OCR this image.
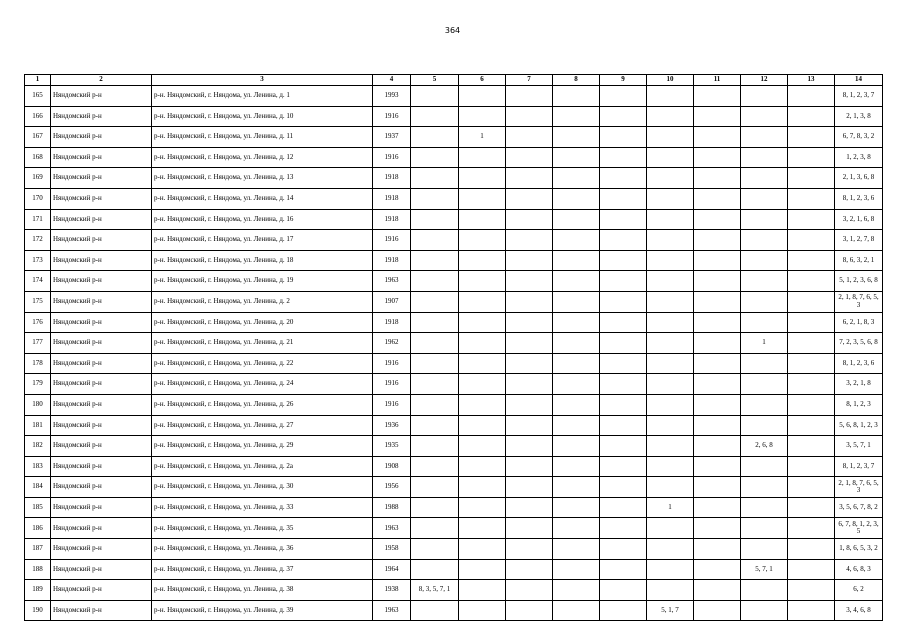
364
1	2	3	4	5	6	7	8	9	10	11	12	13	14
165	Няндомский р-н	р-н. Няндомский, г. Няндома, ул. Ленина, д. 1	1993										8, 1, 2, 3, 7
166	Няндомский р-н	р-н. Няндомский, г. Няндома, ул. Ленина, д. 10	1916										2, 1, 3, 8
167	Няндомский р-н	р-н. Няндомский, г. Няндома, ул. Ленина, д. 11	1937		1								6, 7, 8, 3, 2
168	Няндомский р-н	р-н. Няндомский, г. Няндома, ул. Ленина, д. 12	1916										1, 2, 3, 8
169	Няндомский р-н	р-н. Няндомский, г. Няндома, ул. Ленина, д. 13	1918										2, 1, 3, 6, 8
170	Няндомский р-н	р-н. Няндомский, г. Няндома, ул. Ленина, д. 14	1918										8, 1, 2, 3, 6
171	Няндомский р-н	р-н. Няндомский, г. Няндома, ул. Ленина, д. 16	1918										3, 2, 1, 6, 8
172	Няндомский р-н	р-н. Няндомский, г. Няндома, ул. Ленина, д. 17	1916										3, 1, 2, 7, 8
173	Няндомский р-н	р-н. Няндомский, г. Няндома, ул. Ленина, д. 18	1918										8, 6, 3, 2, 1
174	Няндомский р-н	р-н. Няндомский, г. Няндома, ул. Ленина, д. 19	1963										5, 1, 2, 3, 6, 8
175	Няндомский р-н	р-н. Няндомский, г. Няндома, ул. Ленина, д. 2	1907										2, 1, 8, 7, 6, 5, 3
176	Няндомский р-н	р-н. Няндомский, г. Няндома, ул. Ленина, д. 20	1918										6, 2, 1, 8, 3
177	Няндомский р-н	р-н. Няндомский, г. Няндома, ул. Ленина, д. 21	1962								1		7, 2, 3, 5, 6, 8
178	Няндомский р-н	р-н. Няндомский, г. Няндома, ул. Ленина, д. 22	1916										8, 1, 2, 3, 6
179	Няндомский р-н	р-н. Няндомский, г. Няндома, ул. Ленина, д. 24	1916										3, 2, 1, 8
180	Няндомский р-н	р-н. Няндомский, г. Няндома, ул. Ленина, д. 26	1916										8, 1, 2, 3
181	Няндомский р-н	р-н. Няндомский, г. Няндома, ул. Ленина, д. 27	1936										5, 6, 8, 1, 2, 3
182	Няндомский р-н	р-н. Няндомский, г. Няндома, ул. Ленина, д. 29	1935								2, 6, 8		3, 5, 7, 1
183	Няндомский р-н	р-н. Няндомский, г. Няндома, ул. Ленина, д. 2а	1908										8, 1, 2, 3, 7
184	Няндомский р-н	р-н. Няндомский, г. Няндома, ул. Ленина, д. 30	1956										2, 1, 8, 7, 6, 5, 3
185	Няндомский р-н	р-н. Няндомский, г. Няндома, ул. Ленина, д. 33	1988						1				3, 5, 6, 7, 8, 2
186	Няндомский р-н	р-н. Няндомский, г. Няндома, ул. Ленина, д. 35	1963										6, 7, 8, 1, 2, 3, 5
187	Няндомский р-н	р-н. Няндомский, г. Няндома, ул. Ленина, д. 36	1958										1, 8, 6, 5, 3, 2
188	Няндомский р-н	р-н. Няндомский, г. Няндома, ул. Ленина, д. 37	1964								5, 7, 1		4, 6, 8, 3
189	Няндомский р-н	р-н. Няндомский, г. Няндома, ул. Ленина, д. 38	1938	8, 3, 5, 7, 1									6, 2
190	Няндомский р-н	р-н. Няндомский, г. Няндома, ул. Ленина, д. 39	1963						5, 1, 7				3, 4, 6, 8
